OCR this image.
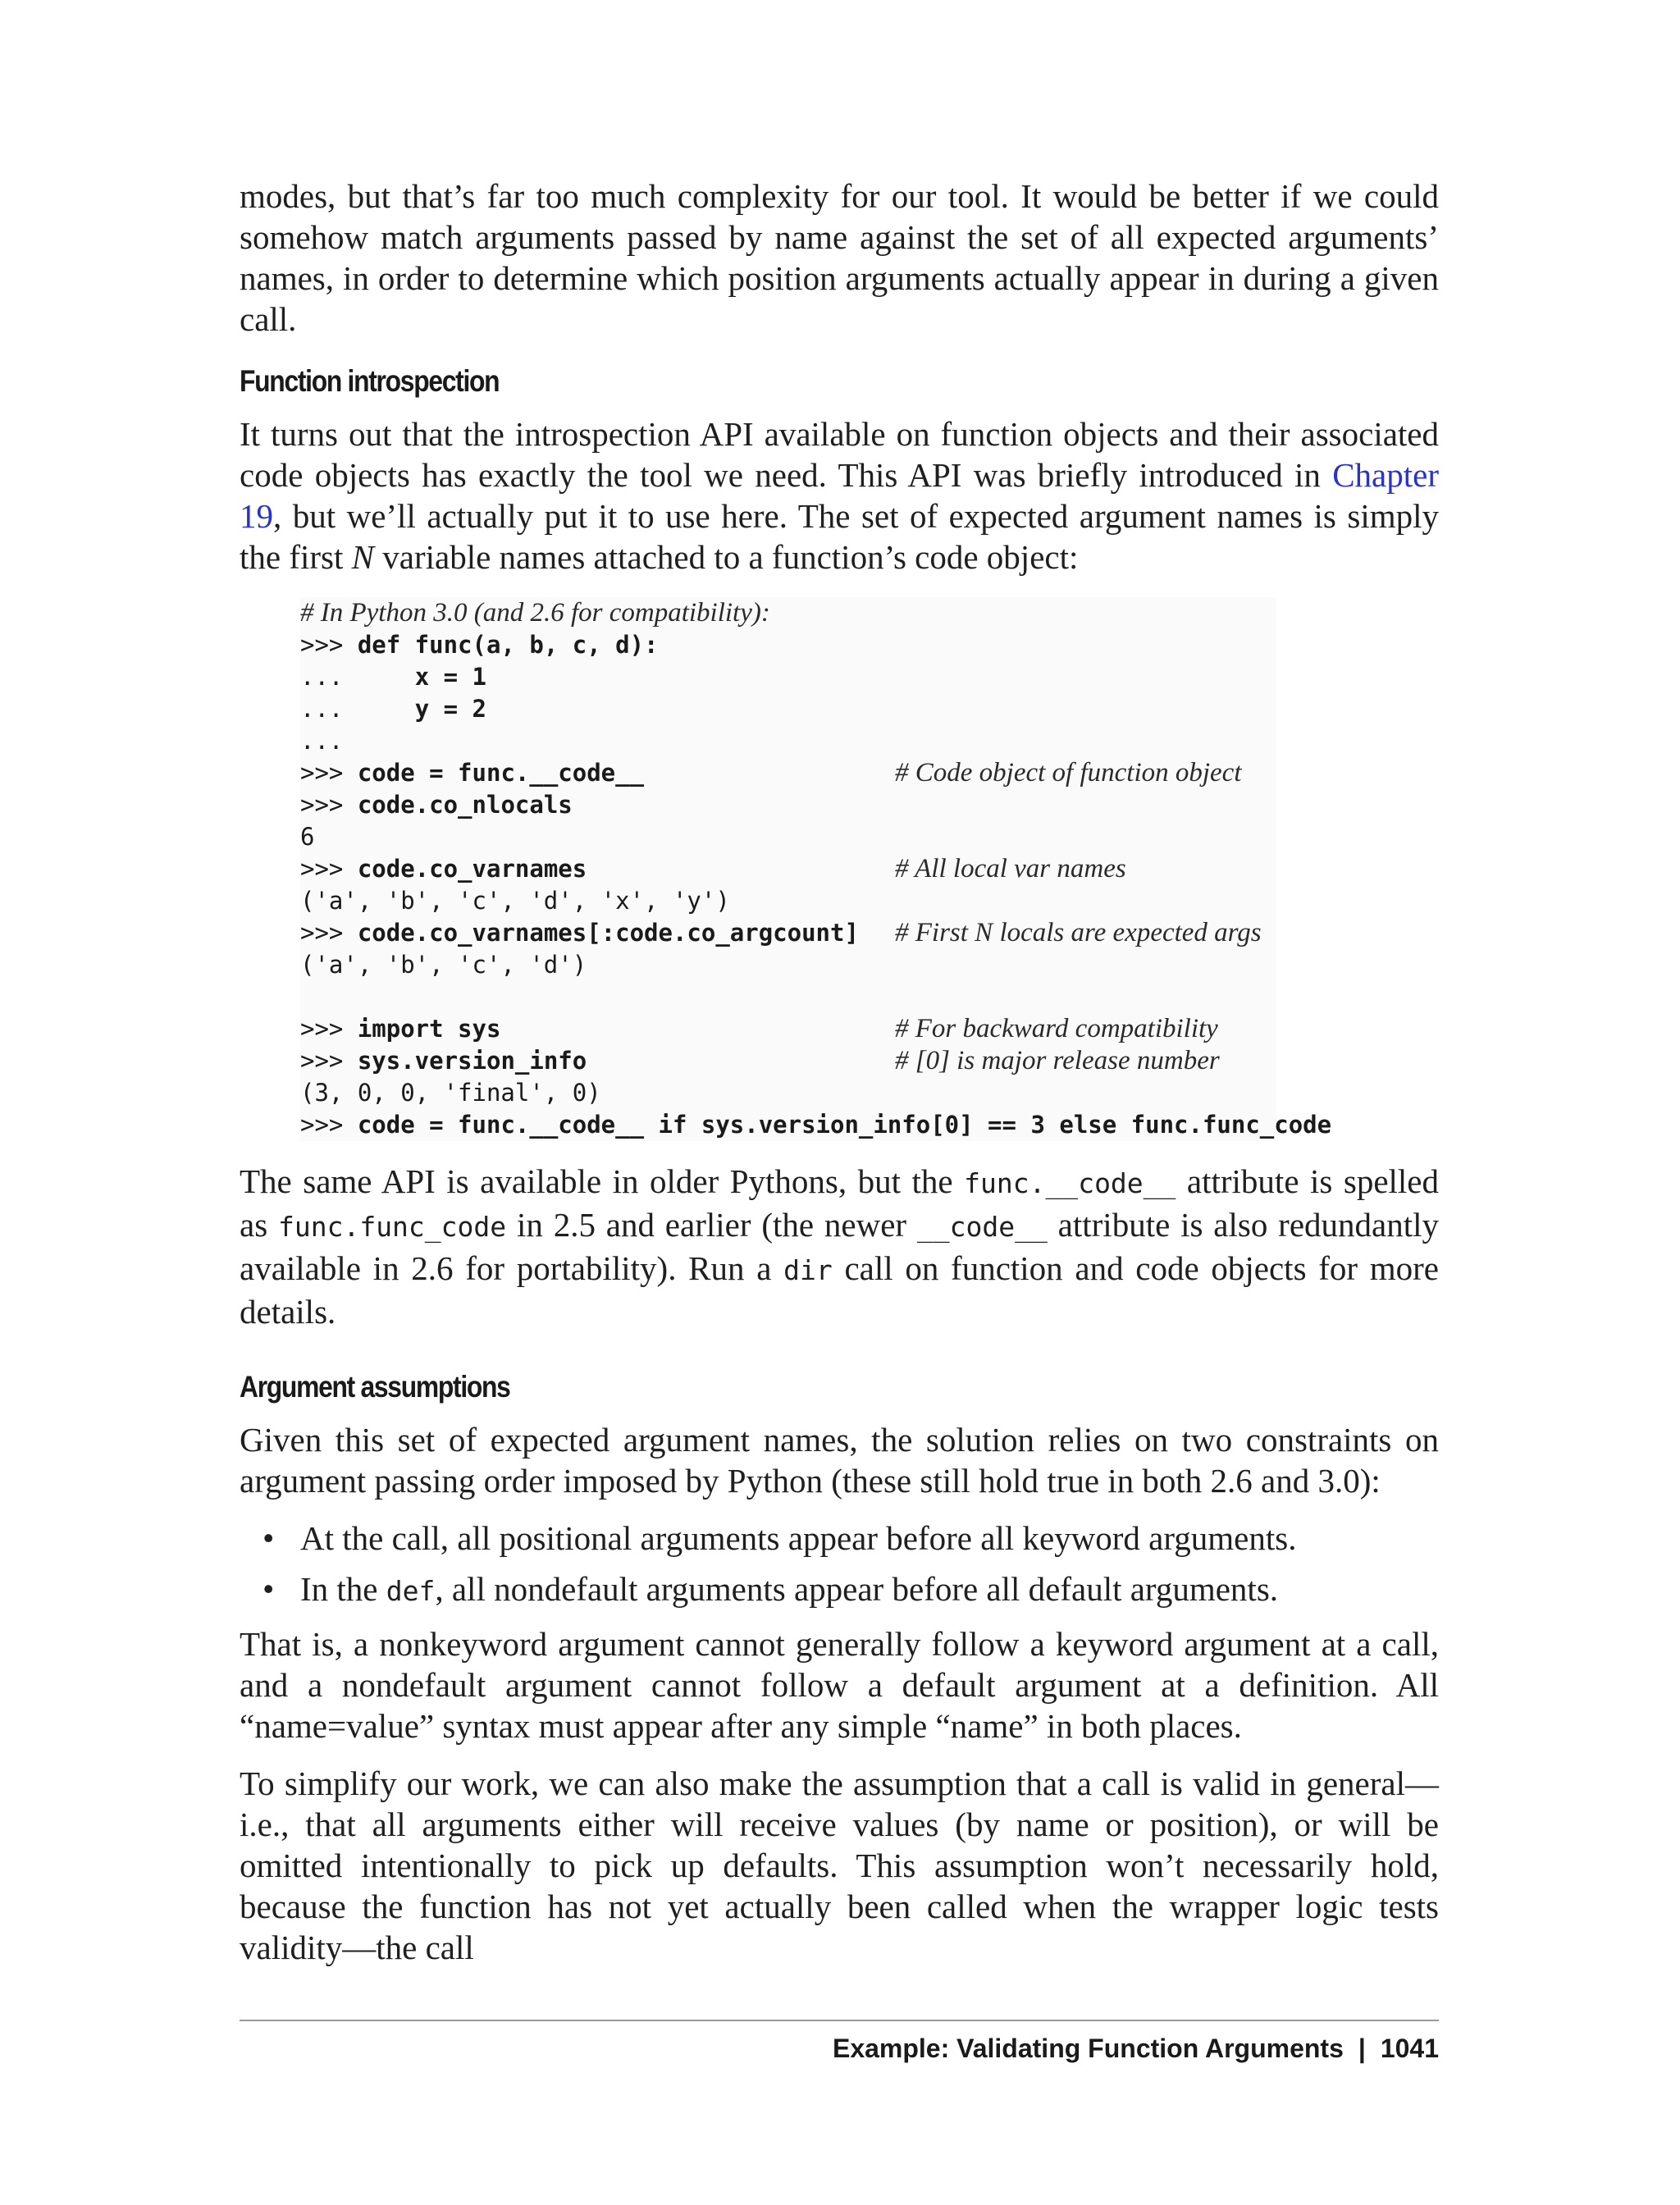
modes, but that’s far too much complexity for our tool. It would be better if we could somehow match arguments passed by name against the set of all expected arguments’ names, in order to determine which position arguments actually appear in during a given call.

Function introspection

It turns out that the introspection API available on function objects and their associated code objects has exactly the tool we need. This API was briefly introduced in Chapter 19, but we’ll actually put it to use here. The set of expected argument names is simply the first N variable names attached to a function’s code object:

# In Python 3.0 (and 2.6 for compatibility):
>>> def func(a, b, c, d):
...     x = 1
...     y = 2
...
>>> code = func.__code__	# Code object of function object
>>> code.co_nlocals
6
>>> code.co_varnames	# All local var names
('a', 'b', 'c', 'd', 'x', 'y')
>>> code.co_varnames[:code.co_argcount] # First N locals are expected args
('a', 'b', 'c', 'd')
>>> import sys	# For backward compatibility
>>> sys.version_info	# [0] is major release number
(3, 0, 0, 'final', 0)
>>> code = func.__code__ if sys.version_info[0] == 3 else func.func_code

The same API is available in older Pythons, but the func.__code__ attribute is spelled as func.func_code in 2.5 and earlier (the newer __code__ attribute is also redundantly available in 2.6 for portability). Run a dir call on function and code objects for more details.

Argument assumptions

Given this set of expected argument names, the solution relies on two constraints on argument passing order imposed by Python (these still hold true in both 2.6 and 3.0):

• At the call, all positional arguments appear before all keyword arguments.
• In the def, all nondefault arguments appear before all default arguments.

That is, a nonkeyword argument cannot generally follow a keyword argument at a call, and a nondefault argument cannot follow a default argument at a definition. All “name=value” syntax must appear after any simple “name” in both places.

To simplify our work, we can also make the assumption that a call is valid in general—i.e., that all arguments either will receive values (by name or position), or will be omitted intentionally to pick up defaults. This assumption won’t necessarily hold, because the function has not yet actually been called when the wrapper logic tests validity—the call

Example: Validating Function Arguments | 1041
